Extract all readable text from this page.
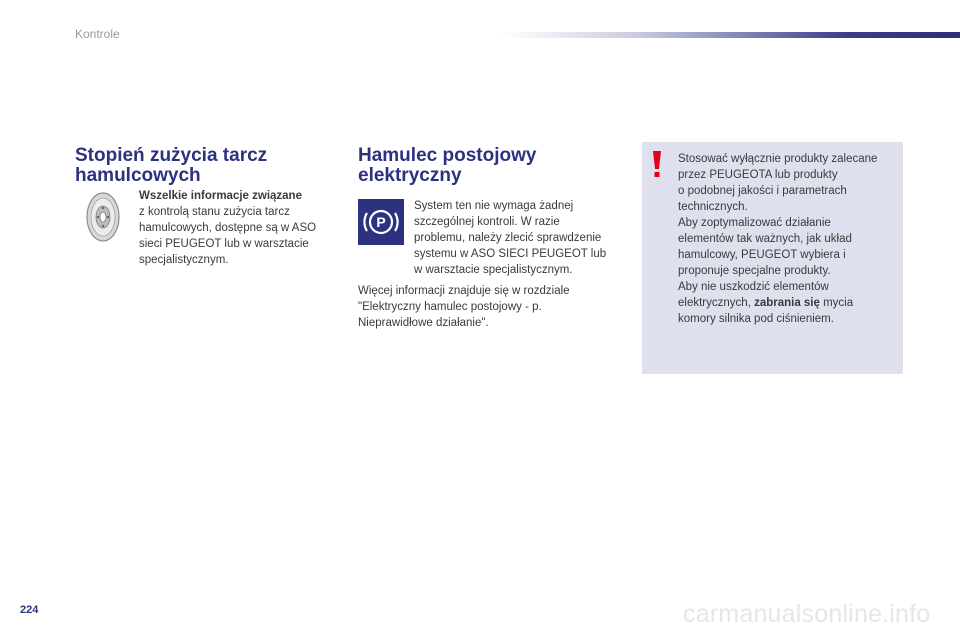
Kontrole
Stopień zużycia tarcz
hamulcowych
Wszelkie informacje związane
z kontrolą stanu zużycia tarcz
hamulcowych, dostępne są w ASO
sieci PEUGEOT lub w warsztacie
specjalistycznym.
Hamulec postojowy
elektryczny
P
System ten nie wymaga żadnej
szczególnej kontroli. W razie
problemu, należy zlecić sprawdzenie
systemu w ASO SIECI PEUGEOT lub
w warsztacie specjalistycznym.
Więcej informacji znajduje się w rozdziale
"Elektryczny hamulec postojowy - p.
Nieprawidłowe działanie".
Stosować wyłącznie produkty zalecane
przez PEUGEOTA lub produkty
o podobnej jakości i parametrach
technicznych.
Aby zoptymalizować działanie
elementów tak ważnych, jak układ
hamulcowy, PEUGEOT wybiera i
proponuje specjalne produkty.
Aby nie uszkodzić elementów
elektrycznych, zabrania się mycia
komory silnika pod ciśnieniem.
224	carmanualsonline.info
